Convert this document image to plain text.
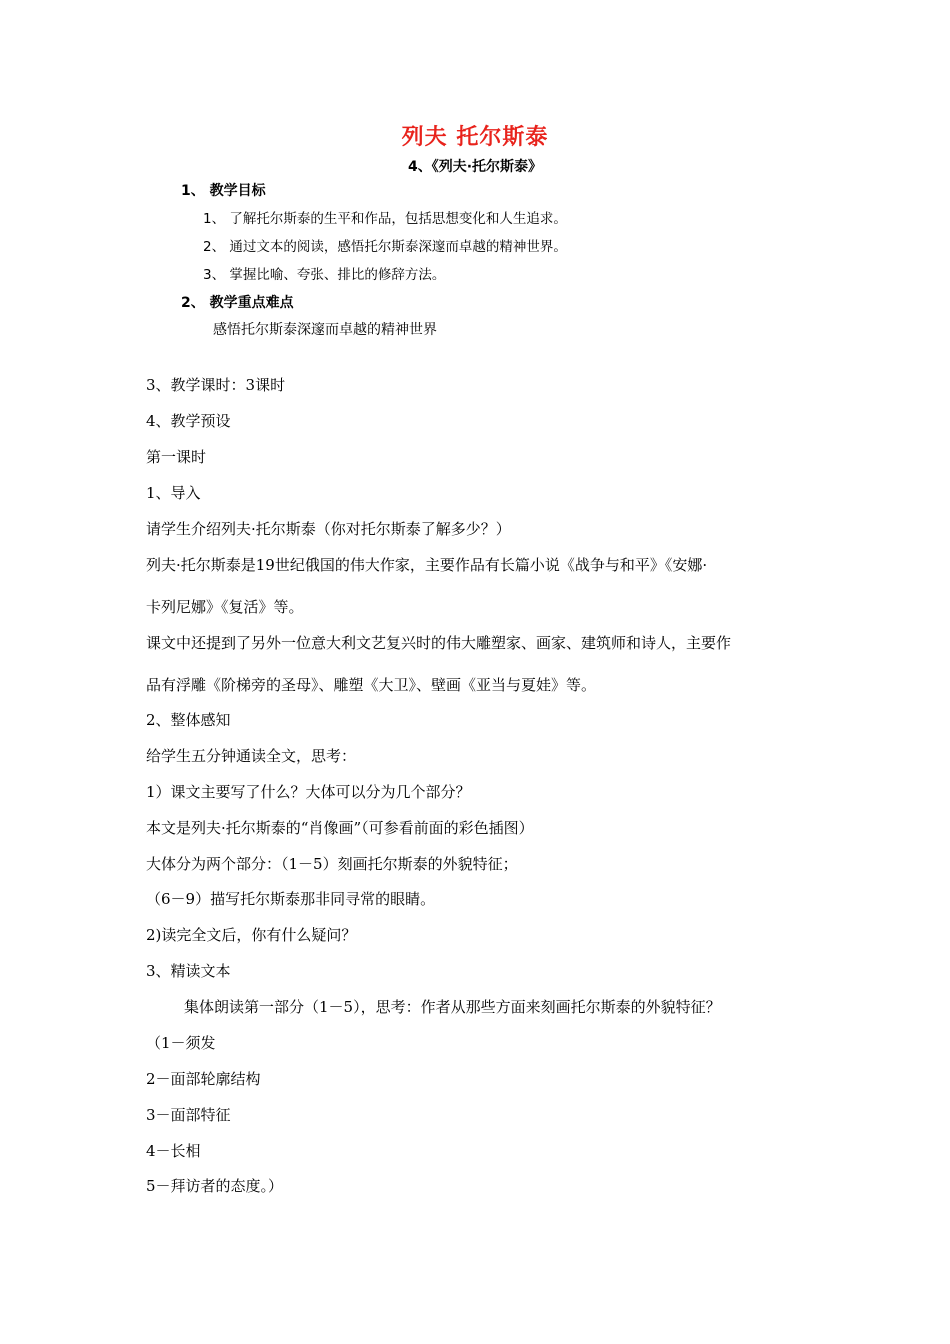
列夫 托尔斯泰
4、《列夫·托尔斯泰》
1、 教学目标
1、 了解托尔斯泰的生平和作品，包括思想变化和人生追求。
2、 通过文本的阅读，感悟托尔斯泰深邃而卓越的精神世界。
3、 掌握比喻、夸张、排比的修辞方法。
2、 教学重点难点
感悟托尔斯泰深邃而卓越的精神世界
3、教学课时：3课时
4、教学预设
第一课时
1、导入
请学生介绍列夫·托尔斯泰（你对托尔斯泰了解多少？）
列夫·托尔斯泰是19世纪俄国的伟大作家，主要作品有长篇小说《战争与和平》《安娜·
卡列尼娜》《复活》等。
课文中还提到了另外一位意大利文艺复兴时的伟大雕塑家、画家、建筑师和诗人，主要作
品有浮雕《阶梯旁的圣母》、雕塑《大卫》、壁画《亚当与夏娃》等。
2、整体感知
给学生五分钟通读全文，思考：
1）课文主要写了什么？大体可以分为几个部分？
本文是列夫·托尔斯泰的“肖像画”（可参看前面的彩色插图）
大体分为两个部分：（1－5）刻画托尔斯泰的外貌特征；
（6－9）描写托尔斯泰那非同寻常的眼睛。
2)读完全文后，你有什么疑问？
3、精读文本
集体朗读第一部分（1－5），思考：作者从那些方面来刻画托尔斯泰的外貌特征？
（1－须发
2－面部轮廓结构
3－面部特征
4－长相
5－拜访者的态度。）
